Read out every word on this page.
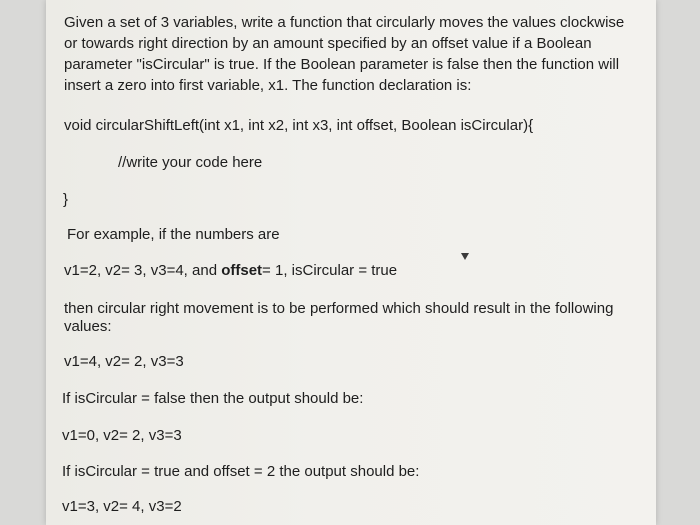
Given a set of 3 variables, write a function that circularly moves the values clockwise
or towards right direction by an amount specified by an offset value if a Boolean
parameter "isCircular" is true. If the Boolean parameter is false then the function will
insert a zero into first variable, x1. The function declaration is:
void circularShiftLeft(int x1, int x2, int x3, int offset, Boolean isCircular){
//write your code here
}
For example, if the numbers are
v1=2, v2= 3, v3=4, and offset= 1, isCircular = true
then circular right movement is to be performed which should result in the following
values:
v1=4, v2= 2, v3=3
If isCircular = false then the output should be:
v1=0, v2= 2, v3=3
If isCircular = true and offset = 2 the output should be:
v1=3, v2= 4, v3=2
